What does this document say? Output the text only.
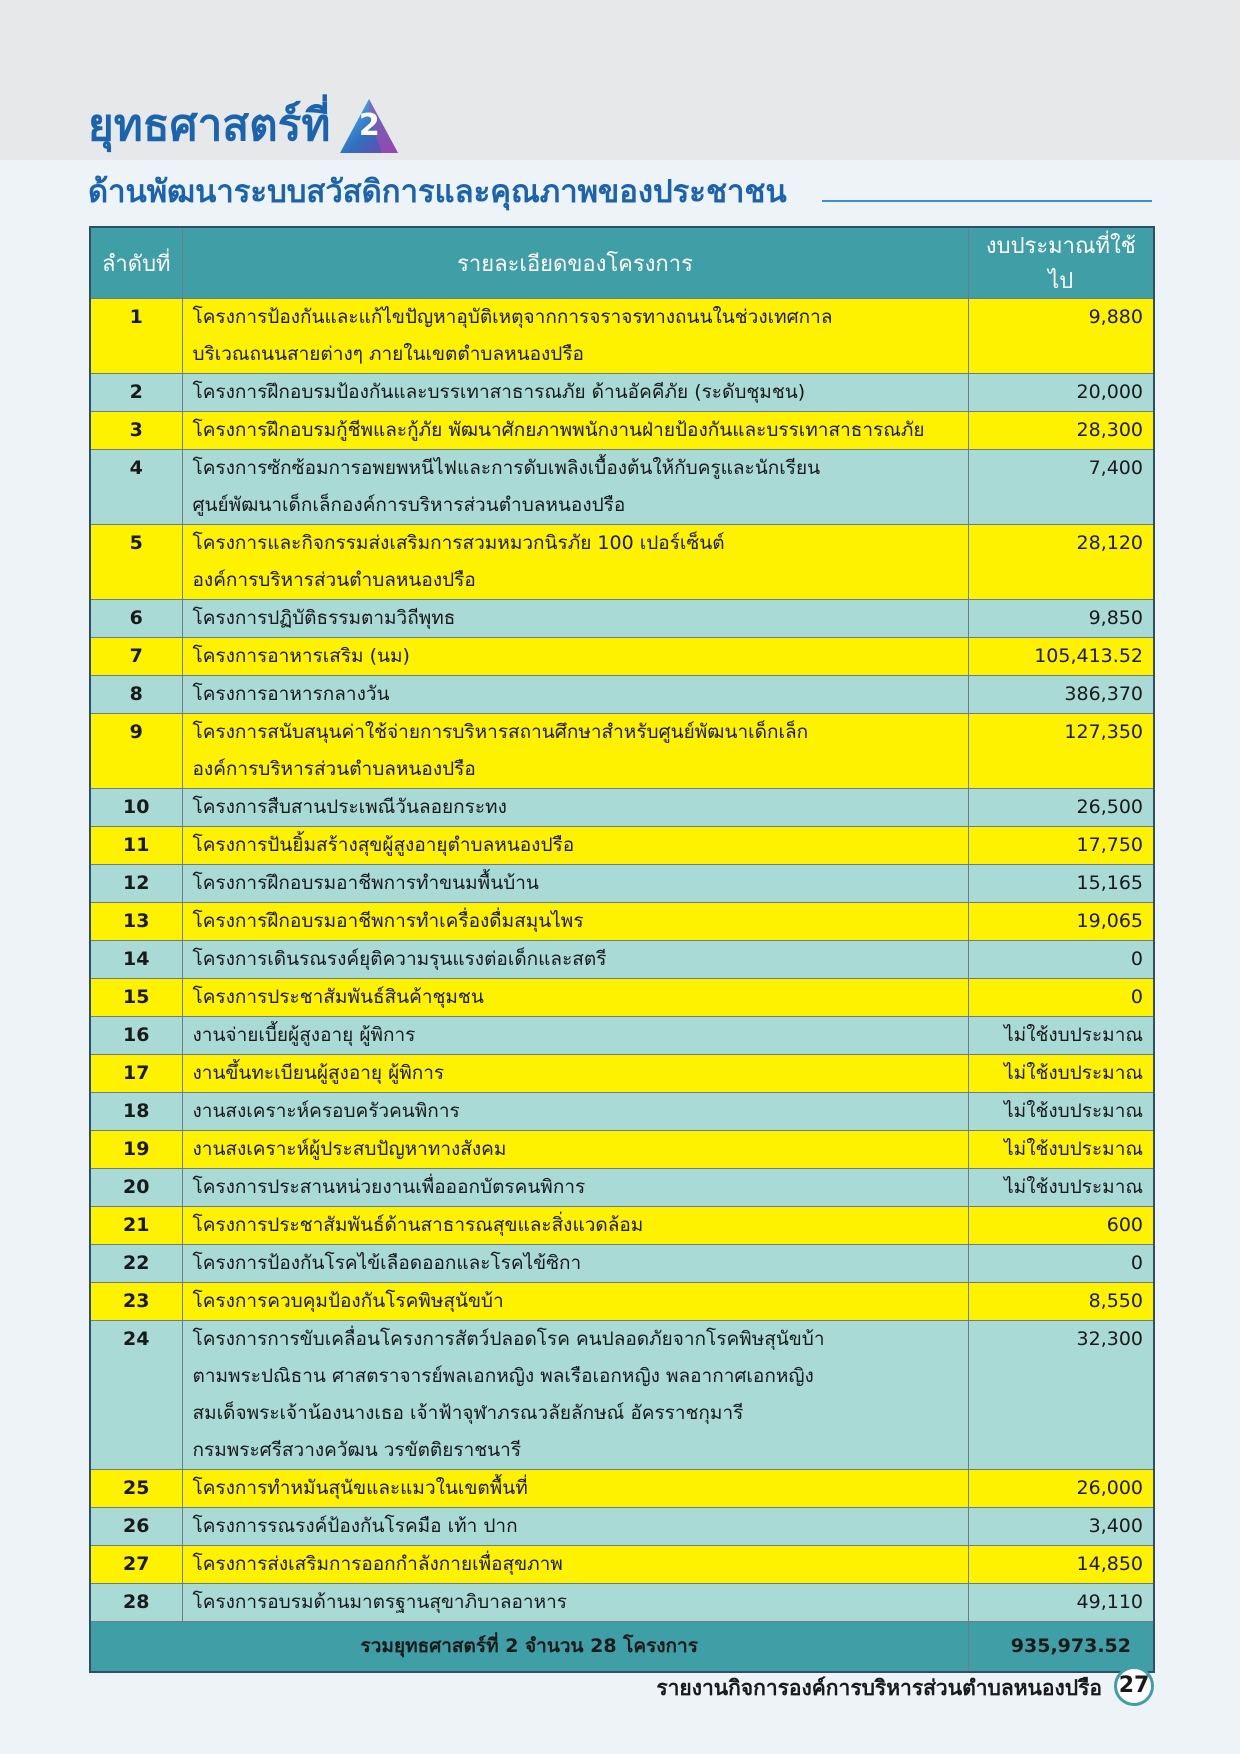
ยุทธศาสตร์ที่ 2
ด้านพัฒนาระบบสวัสดิการและคุณภาพของประชาชน
ลำดับที่	รายละเอียดของโครงการ	งบประมาณที่ใช้ไป
1	โครงการป้องกันและแก้ไขปัญหาอุบัติเหตุจากการจราจรทางถนนในช่วงเทศกาล
บริเวณถนนสายต่างๆ ภายในเขตตำบลหนองปรือ	9,880
2	โครงการฝึกอบรมป้องกันและบรรเทาสาธารณภัย ด้านอัคคีภัย (ระดับชุมชน)	20,000
3	โครงการฝึกอบรมกู้ชีพและกู้ภัย พัฒนาศักยภาพพนักงานฝ่ายป้องกันและบรรเทาสาธารณภัย	28,300
4	โครงการซักซ้อมการอพยพหนีไฟและการดับเพลิงเบื้องต้นให้กับครูและนักเรียน
ศูนย์พัฒนาเด็กเล็กองค์การบริหารส่วนตำบลหนองปรือ	7,400
5	โครงการและกิจกรรมส่งเสริมการสวมหมวกนิรภัย 100 เปอร์เซ็นต์
องค์การบริหารส่วนตำบลหนองปรือ	28,120
6	โครงการปฏิบัติธรรมตามวิถีพุทธ	9,850
7	โครงการอาหารเสริม (นม)	105,413.52
8	โครงการอาหารกลางวัน	386,370
9	โครงการสนับสนุนค่าใช้จ่ายการบริหารสถานศึกษาสำหรับศูนย์พัฒนาเด็กเล็ก
องค์การบริหารส่วนตำบลหนองปรือ	127,350
10	โครงการสืบสานประเพณีวันลอยกระทง	26,500
11	โครงการปันยิ้มสร้างสุขผู้สูงอายุตำบลหนองปรือ	17,750
12	โครงการฝึกอบรมอาชีพการทำขนมพื้นบ้าน	15,165
13	โครงการฝึกอบรมอาชีพการทำเครื่องดื่มสมุนไพร	19,065
14	โครงการเดินรณรงค์ยุติความรุนแรงต่อเด็กและสตรี	0
15	โครงการประชาสัมพันธ์สินค้าชุมชน	0
16	งานจ่ายเบี้ยผู้สูงอายุ ผู้พิการ	ไม่ใช้งบประมาณ
17	งานขึ้นทะเบียนผู้สูงอายุ ผู้พิการ	ไม่ใช้งบประมาณ
18	งานสงเคราะห์ครอบครัวคนพิการ	ไม่ใช้งบประมาณ
19	งานสงเคราะห์ผู้ประสบปัญหาทางสังคม	ไม่ใช้งบประมาณ
20	โครงการประสานหน่วยงานเพื่อออกบัตรคนพิการ	ไม่ใช้งบประมาณ
21	โครงการประชาสัมพันธ์ด้านสาธารณสุขและสิ่งแวดล้อม	600
22	โครงการป้องกันโรคไข้เลือดออกและโรคไข้ซิกา	0
23	โครงการควบคุมป้องกันโรคพิษสุนัขบ้า	8,550
24	โครงการการขับเคลื่อนโครงการสัตว์ปลอดโรค คนปลอดภัยจากโรคพิษสุนัขบ้า
ตามพระปณิธาน ศาสตราจารย์พลเอกหญิง พลเรือเอกหญิง พลอากาศเอกหญิง
สมเด็จพระเจ้าน้องนางเธอ เจ้าฟ้าจุฬาภรณวลัยลักษณ์ อัครราชกุมารี
กรมพระศรีสวางควัฒน วรขัตติยราชนารี	32,300
25	โครงการทำหมันสุนัขและแมวในเขตพื้นที่	26,000
26	โครงการรณรงค์ป้องกันโรคมือ เท้า ปาก	3,400
27	โครงการส่งเสริมการออกกำลังกายเพื่อสุขภาพ	14,850
28	โครงการอบรมด้านมาตรฐานสุขาภิบาลอาหาร	49,110
รวมยุทธศาสตร์ที่ 2 จำนวน 28 โครงการ		935,973.52
รายงานกิจการองค์การบริหารส่วนตำบลหนองปรือ 27
